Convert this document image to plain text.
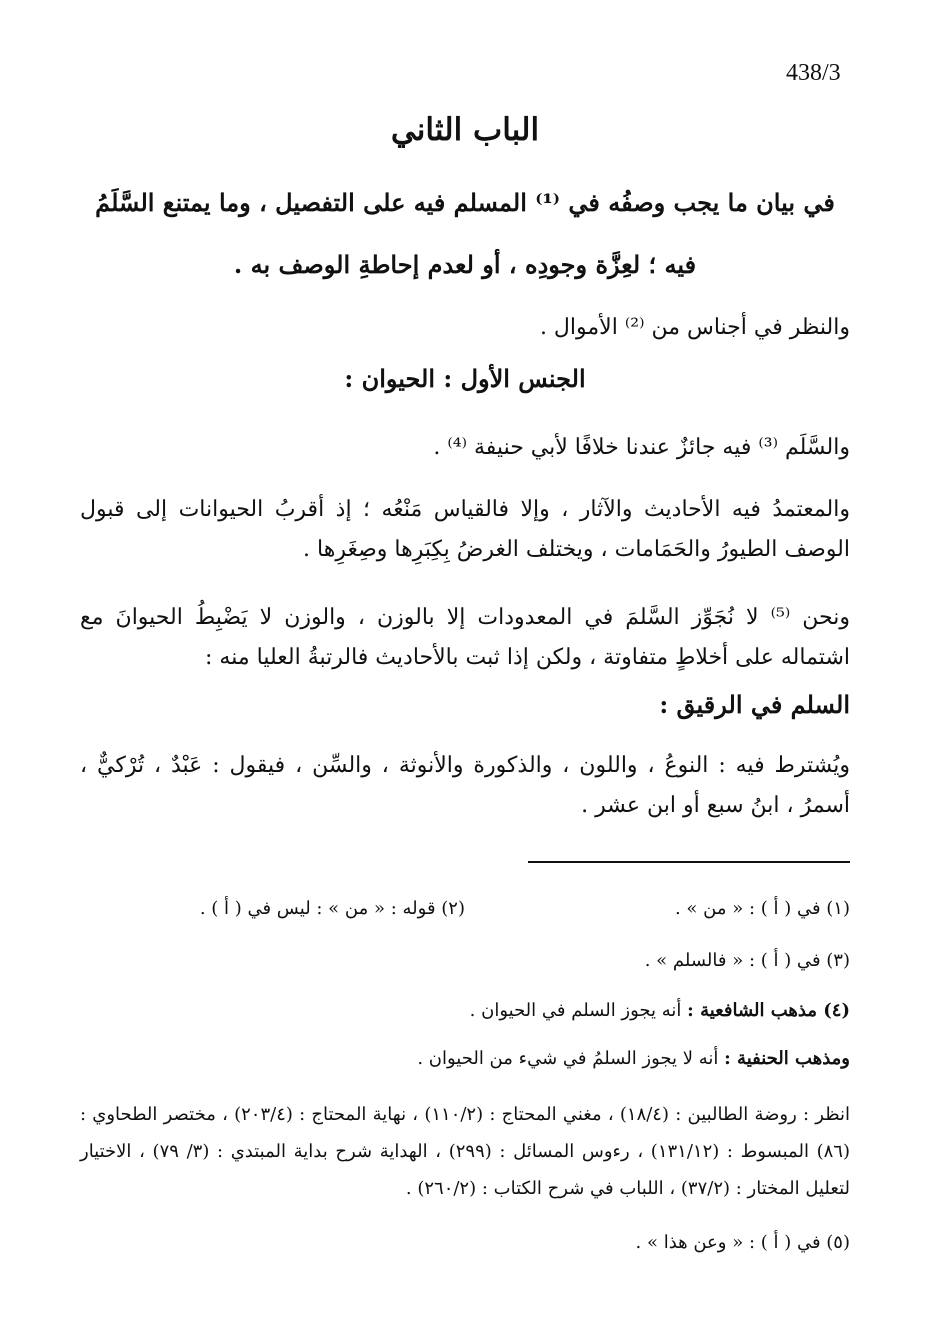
438/3
الباب الثاني
في بيان ما يجب وصفُه في ⁽¹⁾ المسلم فيه على التفصيل ، وما يمتنع السَّلَمُ فيه ؛ لعِزَّة وجودِه ، أو لعدم إحاطةِ الوصف به .
والنظر في أجناس من ⁽²⁾ الأموال .
الجنس الأول : الحيوان :
والسَّلَم ⁽³⁾ فيه جائزٌ عندنا خلافًا لأبي حنيفة ⁽⁴⁾ .
والمعتمدُ فيه الأحاديث والآثار ، وإلا فالقياس مَنْعُه ؛ إذ أقربُ الحيوانات إلى قبول الوصف الطيورُ والحَمَامات ، ويختلف الغرضُ بِكِبَرِها وصِغَرِها .
ونحن ⁽⁵⁾ لا نُجَوِّز السَّلمَ في المعدودات إلا بالوزن ، والوزن لا يَضْبِطُ الحيوانَ مع اشتماله على أخلاطٍ متفاوتة ، ولكن إذا ثبت بالأحاديث فالرتبةُ العليا منه :
السلم في الرقيق :
ويُشترط فيه : النوعُ ، واللون ، والذكورة والأنوثة ، والسِّن ، فيقول : عَبْدٌ ، تُرْكيٌّ ، أسمرُ ، ابنُ سبع أو ابن عشر .
(١) في ( أ ) : « من » .
(٢) قوله : « من » : ليس في ( أ ) .
(٣) في ( أ ) : « فالسلم » .
(٤) مذهب الشافعية : أنه يجوز السلم في الحيوان .
ومذهب الحنفية : أنه لا يجوز السلمُ في شيء من الحيوان .
انظر : روضة الطالبين : (١٨/٤) ، مغني المحتاج : (١١٠/٢) ، نهاية المحتاج : (٢٠٣/٤) ، مختصر الطحاوي : (٨٦) المبسوط : (١٣١/١٢) ، رءوس المسائل : (٢٩٩) ، الهداية شرح بداية المبتدي : (٣/ ٧٩) ، الاختيار لتعليل المختار : (٣٧/٢) ، اللباب في شرح الكتاب : (٢٦٠/٢) .
(٥) في ( أ ) : « وعن هذا » .
